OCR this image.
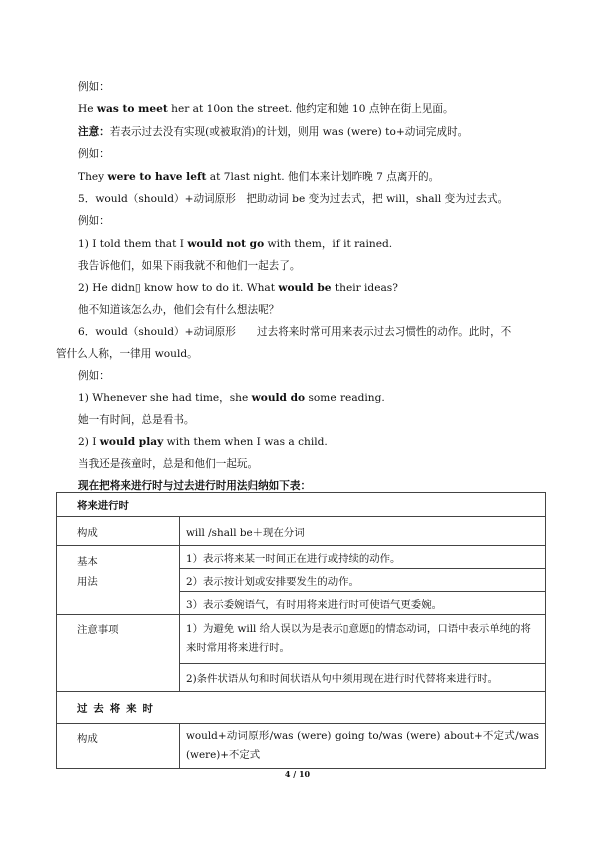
例如：
He was to meet her at 10on the street. 他约定和她 10 点钟在街上见面。
注意：若表示过去没有实现(或被取消)的计划，则用 was (were) to+动词完成时。
例如：
They were to have left at 7last night. 他们本来计划昨晚 7 点离开的。
5．would（should）+动词原形　把助动词 be 变为过去式，把 will，shall 变为过去式。
例如：
1) I told them that I would not go with them，if it rained.
我告诉他们，如果下雨我就不和他们一起去了。
2) He didn▯ know how to do it. What would be their ideas?
他不知道该怎么办，他们会有什么想法呢？
6．would（should）+动词原形　　过去将来时常可用来表示过去习惯性的动作。此时，不
管什么人称，一律用 would。
例如：
1) Whenever she had time，she would do some reading.
她一有时间，总是看书。
2) I would play with them when I was a child.
当我还是孩童时，总是和他们一起玩。
现在把将来进行时与过去进行时用法归纳如下表：
将来进行时	
构成	will /shall be＋现在分词

基本
用法	1）表示将来某一时间正在进行或持续的动作。
	2）表示按计划或安排要发生的动作。
	3）表示委婉语气，有时用将来进行时可使语气更委婉。
注意事项	1）为避免 will 给人误以为是表示▯意愿▯的情态动词，口语中表示单纯的将来时常用将来进行时。
	2)条件状语从句和时间状语从句中须用现在进行时代替将来进行时。
过去将来时	
构成	would+动词原形/was (were) going to/was (were) about+不定式/was (were)+不定式
4 / 10
